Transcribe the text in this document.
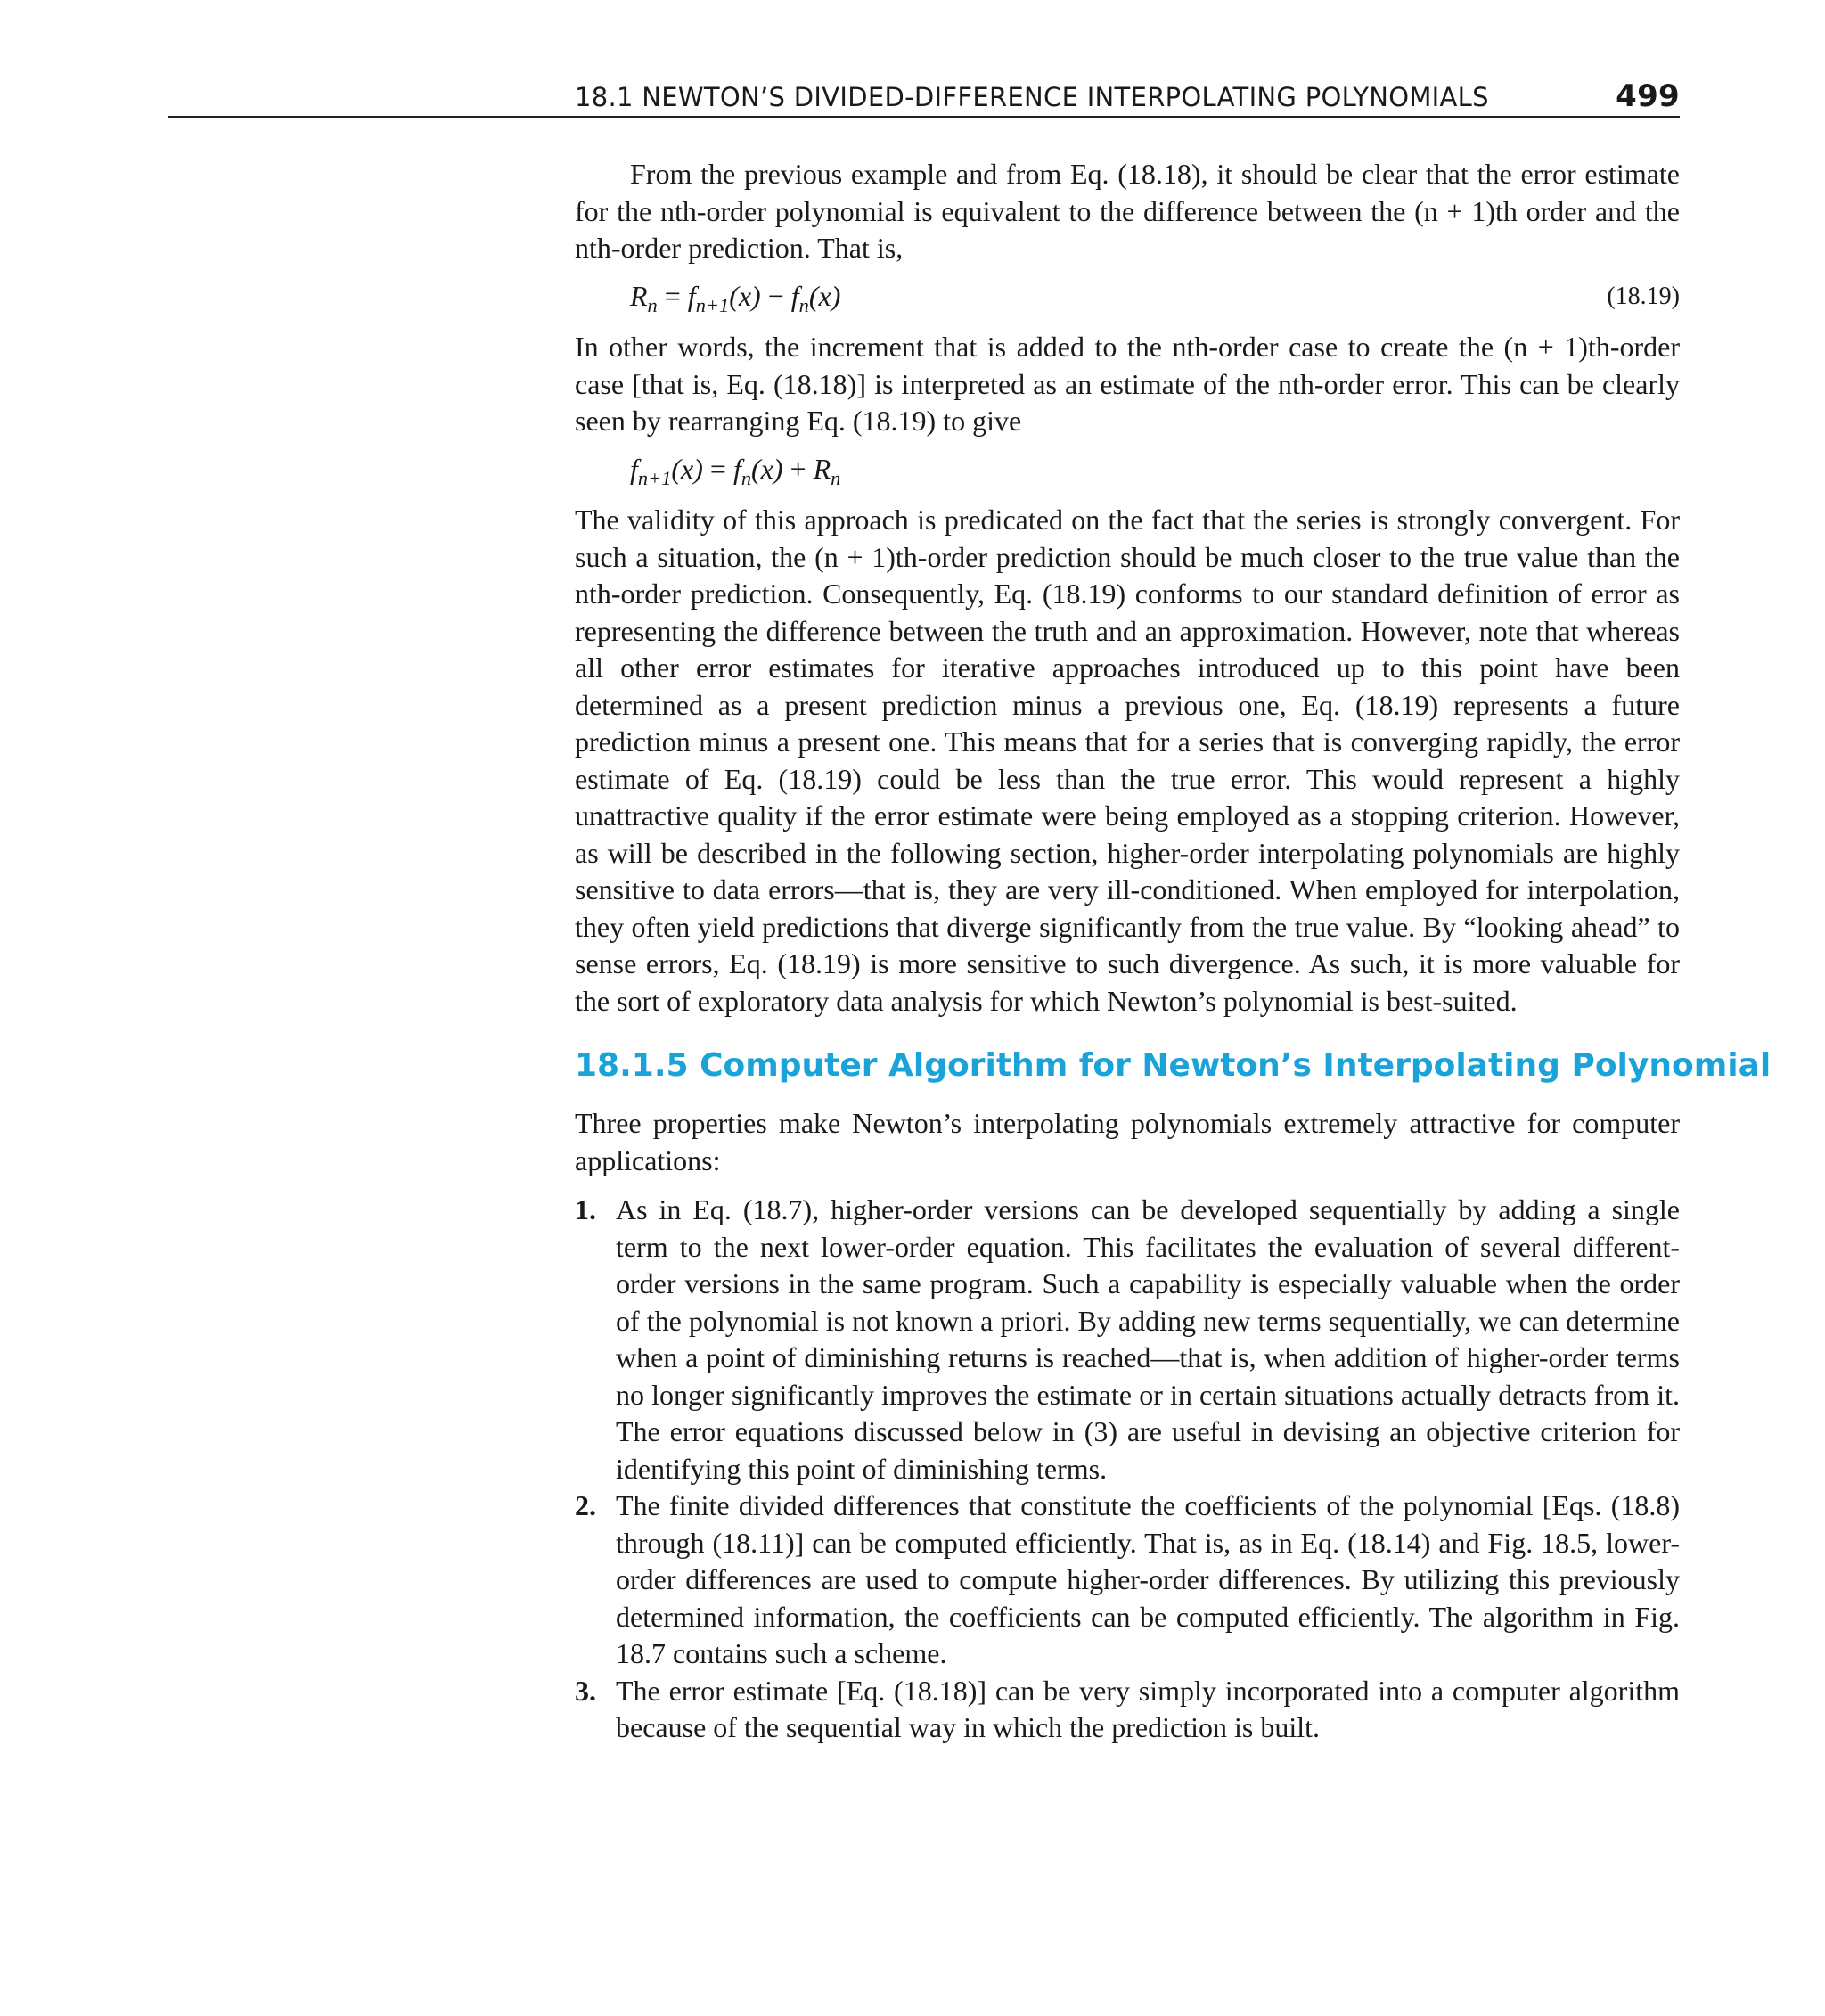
18.1 NEWTON’S DIVIDED-DIFFERENCE INTERPOLATING POLYNOMIALS	499

From the previous example and from Eq. (18.18), it should be clear that the error estimate for the nth-order polynomial is equivalent to the difference between the (n + 1)th order and the nth-order prediction. That is,

$R_n = f_{n+1}(x) - f_n(x)$	(18.19)

In other words, the increment that is added to the nth-order case to create the (n + 1)th-order case [that is, Eq. (18.18)] is interpreted as an estimate of the nth-order error. This can be clearly seen by rearranging Eq. (18.19) to give

$f_{n+1}(x) = f_n(x) + R_n$

The validity of this approach is predicated on the fact that the series is strongly convergent. For such a situation, the (n + 1)th-order prediction should be much closer to the true value than the nth-order prediction. Consequently, Eq. (18.19) conforms to our standard definition of error as representing the difference between the truth and an approximation. However, note that whereas all other error estimates for iterative approaches introduced up to this point have been determined as a present prediction minus a previous one, Eq. (18.19) represents a future prediction minus a present one. This means that for a series that is converging rapidly, the error estimate of Eq. (18.19) could be less than the true error. This would represent a highly unattractive quality if the error estimate were being employed as a stopping criterion. However, as will be described in the following section, higher-order interpolating polynomials are highly sensitive to data errors—that is, they are very ill-conditioned. When employed for interpolation, they often yield predictions that diverge significantly from the true value. By “looking ahead” to sense errors, Eq. (18.19) is more sensitive to such divergence. As such, it is more valuable for the sort of exploratory data analysis for which Newton’s polynomial is best-suited.

18.1.5 Computer Algorithm for Newton’s Interpolating Polynomial

Three properties make Newton’s interpolating polynomials extremely attractive for computer applications:

1. As in Eq. (18.7), higher-order versions can be developed sequentially by adding a single term to the next lower-order equation. This facilitates the evaluation of several different-order versions in the same program. Such a capability is especially valuable when the order of the polynomial is not known a priori. By adding new terms sequentially, we can determine when a point of diminishing returns is reached—that is, when addition of higher-order terms no longer significantly improves the estimate or in certain situations actually detracts from it. The error equations discussed below in (3) are useful in devising an objective criterion for identifying this point of diminishing terms.
2. The finite divided differences that constitute the coefficients of the polynomial [Eqs. (18.8) through (18.11)] can be computed efficiently. That is, as in Eq. (18.14) and Fig. 18.5, lower-order differences are used to compute higher-order differences. By utilizing this previously determined information, the coefficients can be computed efficiently. The algorithm in Fig. 18.7 contains such a scheme.
3. The error estimate [Eq. (18.18)] can be very simply incorporated into a computer algorithm because of the sequential way in which the prediction is built.
